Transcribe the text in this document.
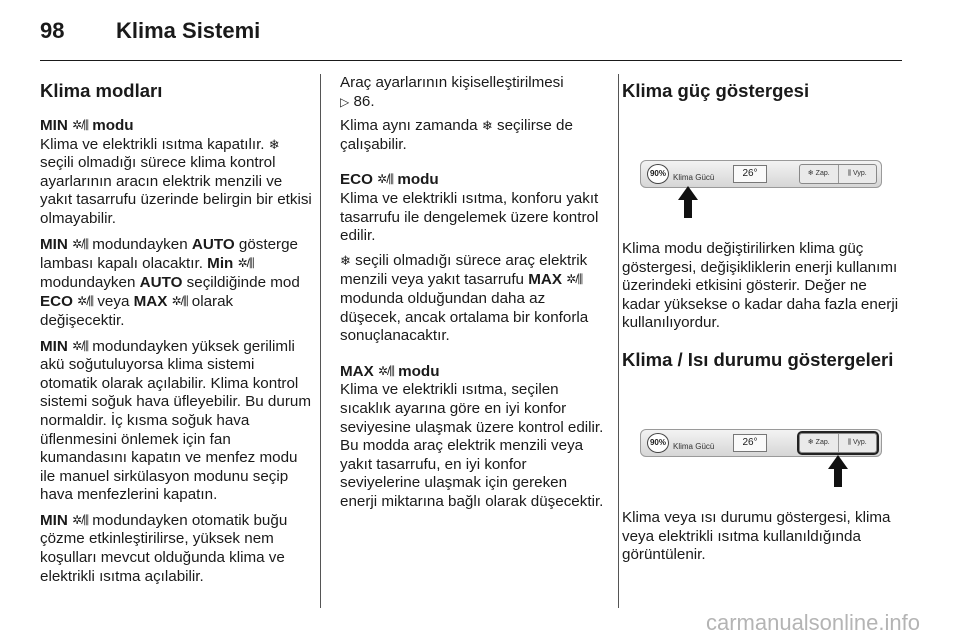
98	Klima Sistemi
Klima modları
MIN ✲/⫼ modu

Klima ve elektrikli ısıtma kapatılır. ❄ seçili olmadığı sürece klima kontrol ayarlarının aracın elektrik menzili ve yakıt tasarrufu üzerinde belirgin bir etkisi olmayabilir.

MIN ✲/⫼ modundayken AUTO gösterge lambası kapalı olacaktır. Min ✲/⫼ modundayken AUTO seçildiğinde mod ECO ✲/⫼ veya MAX ✲/⫼ olarak değişecektir.

MIN ✲/⫼ modundayken yüksek gerilimli akü soğutuluyorsa klima sistemi otomatik olarak açılabilir. Klima kontrol sistemi soğuk hava üfleyebilir. Bu durum normaldir. İç kısma soğuk hava üflenmesini önlemek için fan kumandasını kapatın ve menfez modu ile manuel sirkülasyon modunu seçip hava menfezlerini kapatın.

MIN ✲/⫼ modundayken otomatik buğu çözme etkinleştirilirse, yüksek nem koşulları mevcut olduğunda klima ve elektrikli ısıtma açılabilir.

Araç ayarlarının kişiselleştirilmesi
▷ 86.

Klima aynı zamanda ❄ seçilirse de çalışabilir.

ECO ✲/⫼ modu

Klima ve elektrikli ısıtma, konforu yakıt tasarrufu ile dengelemek üzere kontrol edilir.

❄ seçili olmadığı sürece araç elektrik menzili veya yakıt tasarrufu MAX ✲/⫼ modunda olduğundan daha az düşecek, ancak ortalama bir konforla sonuçlanacaktır.

MAX ✲/⫼ modu

Klima ve elektrikli ısıtma, seçilen sıcaklık ayarına göre en iyi konfor seviyesine ulaşmak üzere kontrol edilir. Bu modda araç elektrik menzili veya yakıt tasarrufu, en iyi konfor seviyelerine ulaşmak için gereken enerji miktarına bağlı olarak düşecektir.

Klima güç göstergesi
90% Klima Gücü	26°	❄ Zap.	⫼ Vyp.

Klima modu değiştirilirken klima güç göstergesi, değişikliklerin enerji kullanımı üzerindeki etkisini gösterir. Değer ne kadar yüksekse o kadar daha fazla enerji kullanılıyordur.

Klima / Isı durumu göstergeleri
90% Klima Gücü	26°	❄ Zap.	⫼ Vyp.

Klima veya ısı durumu göstergesi, klima veya elektrikli ısıtma kullanıldığında görüntülenir.

carmanualsonline.info
